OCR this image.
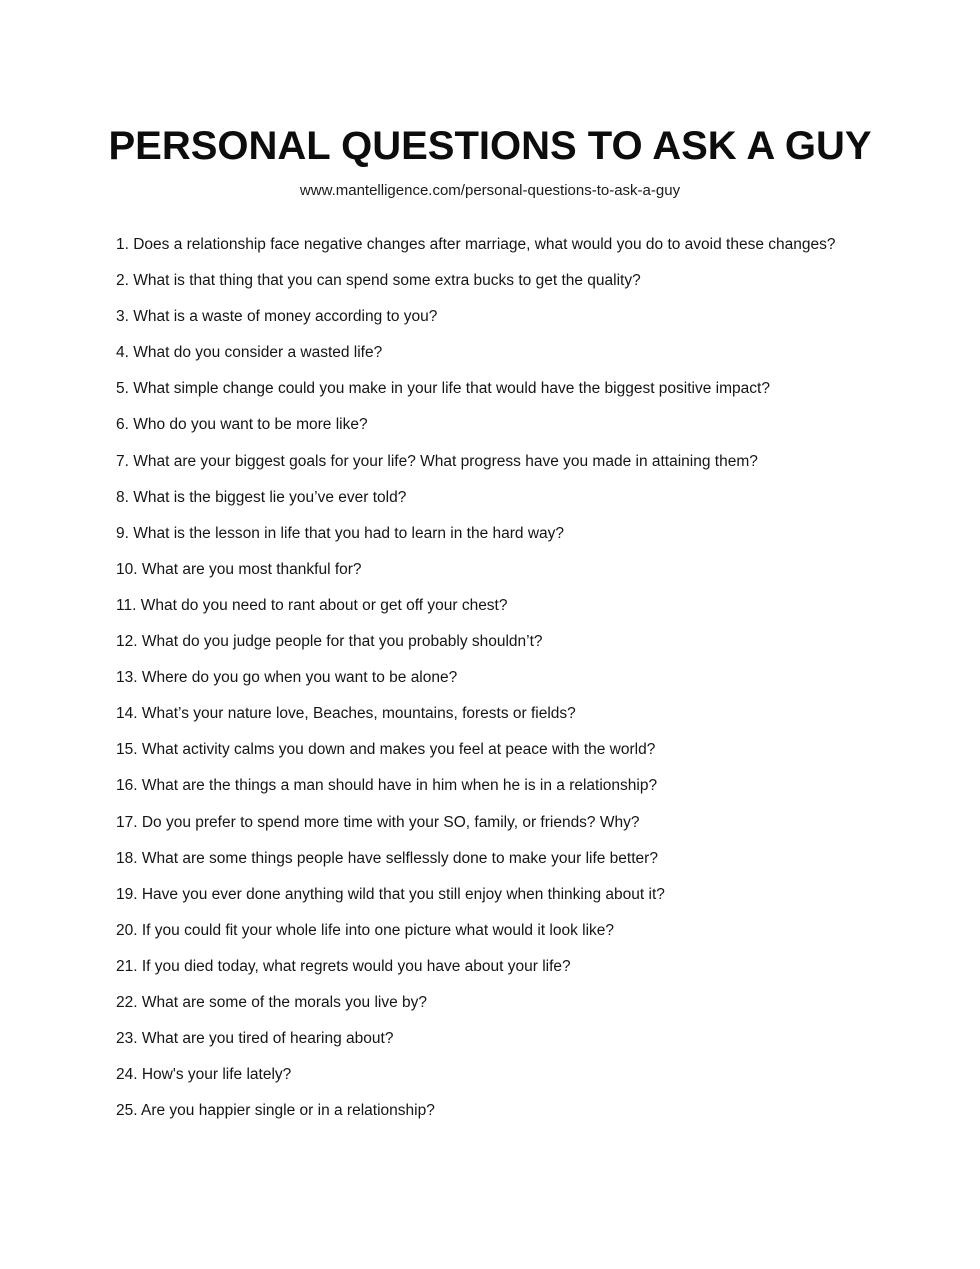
PERSONAL QUESTIONS TO ASK A GUY
www.mantelligence.com/personal-questions-to-ask-a-guy
1. Does a relationship face negative changes after marriage, what would you do to avoid these changes?
2. What is that thing that you can spend some extra bucks to get the quality?
3. What is a waste of money according to you?
4. What do you consider a wasted life?
5. What simple change could you make in your life that would have the biggest positive impact?
6. Who do you want to be more like?
7. What are your biggest goals for your life? What progress have you made in attaining them?
8. What is the biggest lie you’ve ever told?
9. What is the lesson in life that you had to learn in the hard way?
10. What are you most thankful for?
11. What do you need to rant about or get off your chest?
12. What do you judge people for that you probably shouldn’t?
13. Where do you go when you want to be alone?
14. What’s your nature love, Beaches, mountains, forests or fields?
15. What activity calms you down and makes you feel at peace with the world?
16. What are the things a man should have in him when he is in a relationship?
17. Do you prefer to spend more time with your SO, family, or friends? Why?
18. What are some things people have selflessly done to make your life better?
19. Have you ever done anything wild that you still enjoy when thinking about it?
20. If you could fit your whole life into one picture what would it look like?
21. If you died today, what regrets would you have about your life?
22. What are some of the morals you live by?
23. What are you tired of hearing about?
24. How's your life lately?
25. Are you happier single or in a relationship?
